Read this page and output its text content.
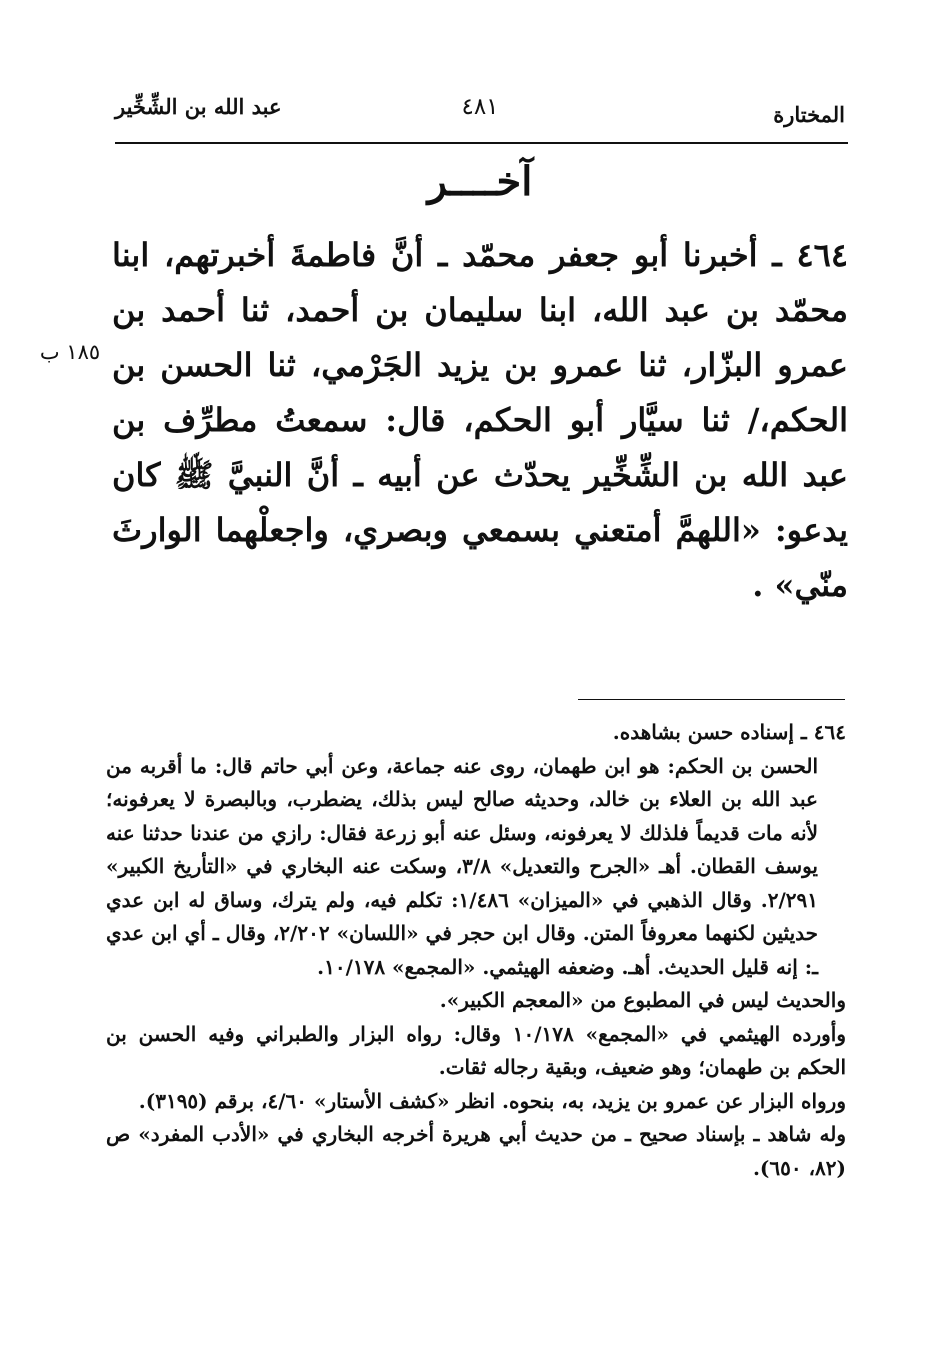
المختارة
٤٨١
عبد الله بن الشِّخِّير
آخــــر
٤٦٤ ـ أخبرنا أبو جعفر محمّد ـ أنَّ فاطمةَ أخبرتهم، ابنا محمّد بن عبد الله، ابنا سليمان بن أحمد، ثنا أحمد بن عمرو البزّار، ثنا عمرو بن يزيد الجَرْمي، ثنا الحسن بن الحكم،/ ثنا سيَّار أبو الحكم، قال: سمعتُ مطرِّف بن عبد الله بن الشِّخِّير يحدّث عن أبيه ـ أنَّ النبيَّ ﷺ كان يدعو: «اللهمَّ أمتعني بسمعي وبصري، واجعلْهما الوارثَ منّي» .
١٨٥ ب

٤٦٤ ـ إسناده حسن بشاهده.

الحسن بن الحكم: هو ابن طهمان، روى عنه جماعة، وعن أبي حاتم قال: ما أقربه من عبد الله بن العلاء بن خالد، وحديثه صالح ليس بذلك، يضطرب، وبالبصرة لا يعرفونه؛ لأنه مات قديماً فلذلك لا يعرفونه، وسئل عنه أبو زرعة فقال: رازي من عندنا حدثنا عنه يوسف القطان. أهـ «الجرح والتعديل» ٣/٨، وسكت عنه البخاري في «التأريخ الكبير» ٢/٢٩١. وقال الذهبي في «الميزان» ١/٤٨٦: تكلم فيه، ولم يترك، وساق له ابن عدي حديثين لكنهما معروفاً المتن. وقال ابن حجر في «اللسان» ٢/٢٠٢، وقال ـ أي ابن عدي ـ: إنه قليل الحديث. أهـ. وضعفه الهيثمي. «المجمع» ١٠/١٧٨.

والحديث ليس في المطبوع من «المعجم الكبير».

وأورده الهيثمي في «المجمع» ١٠/١٧٨ وقال: رواه البزار والطبراني وفيه الحسن بن الحكم بن طهمان؛ وهو ضعيف، وبقية رجاله ثقات.

ورواه البزار عن عمرو بن يزيد، به، بنحوه. انظر «كشف الأستار» ٤/٦٠، برقم (٣١٩٥).

وله شاهد ـ بإسناد صحيح ـ من حديث أبي هريرة أخرجه البخاري في «الأدب المفرد» ص (٨٢، ٦٥٠).
